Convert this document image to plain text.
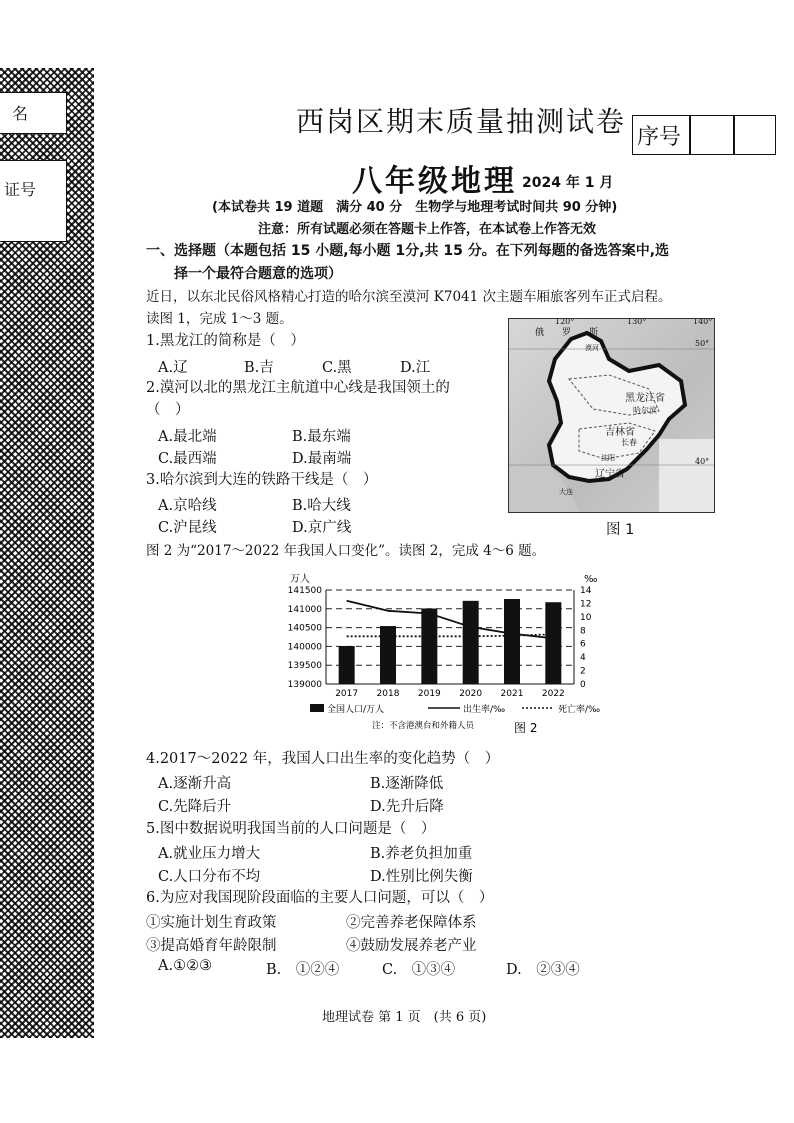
名
证号
西岗区期末质量抽测试卷 序号
八年级地理 2024 年 1 月
(本试卷共 19 道题　满分 40 分　生物学与地理考试时间共 90 分钟)
注意：所有试题必须在答题卡上作答，在本试卷上作答无效
一、选择题（本题包括 15 小题,每小题 1分,共 15 分。在下列每题的备选答案中,选
择一个最符合题意的选项）
近日，以东北民俗风格精心打造的哈尔滨至漠河 K7041 次主题车厢旅客列车正式启程。
读图 1，完成 1～3 题。
1.黑龙江的简称是（　）
A.辽	B.吉	C.黑	D.江
2.漠河以北的黑龙江主航道中心线是我国领土的
（　）
A.最北端	B.最东端
C.最西端	D.最南端
3.哈尔滨到大连的铁路干线是（　）
A.京哈线	B.哈大线
C.沪昆线	D.京广线
120°	130°	140°
50°
40°
俄　　罗　　斯
漠河
黑龙江省
哈尔滨
吉林省
长春
辽宁省
沈阳
大连
图 1
图 2 为“2017～2022 年我国人口变化”。读图 2，完成 4～6 题。
万人	‰
141500
141000
140500
140000
139500
139000
14
12
10
8
6
4
2
0
2017 2018 2019 2020 2021 2022
全国人口/万人	出生率/‰	死亡率/‰
注：不含港澳台和外籍人员	图 2
4.2017～2022 年，我国人口出生率的变化趋势（　）
A.逐渐升高	B.逐渐降低
C.先降后升	D.先升后降
5.图中数据说明我国当前的人口问题是（　）
A.就业压力增大	B.养老负担加重
C.人口分布不均	D.性别比例失衡
6.为应对我国现阶段面临的主要人口问题，可以（　）
①实施计划生育政策	②完善养老保障体系
③提高婚育年龄限制	④鼓励发展养老产业
A.①②③	B.　①②④	C.　①③④	D.　②③④
地理试卷 第 1 页　(共 6 页)
